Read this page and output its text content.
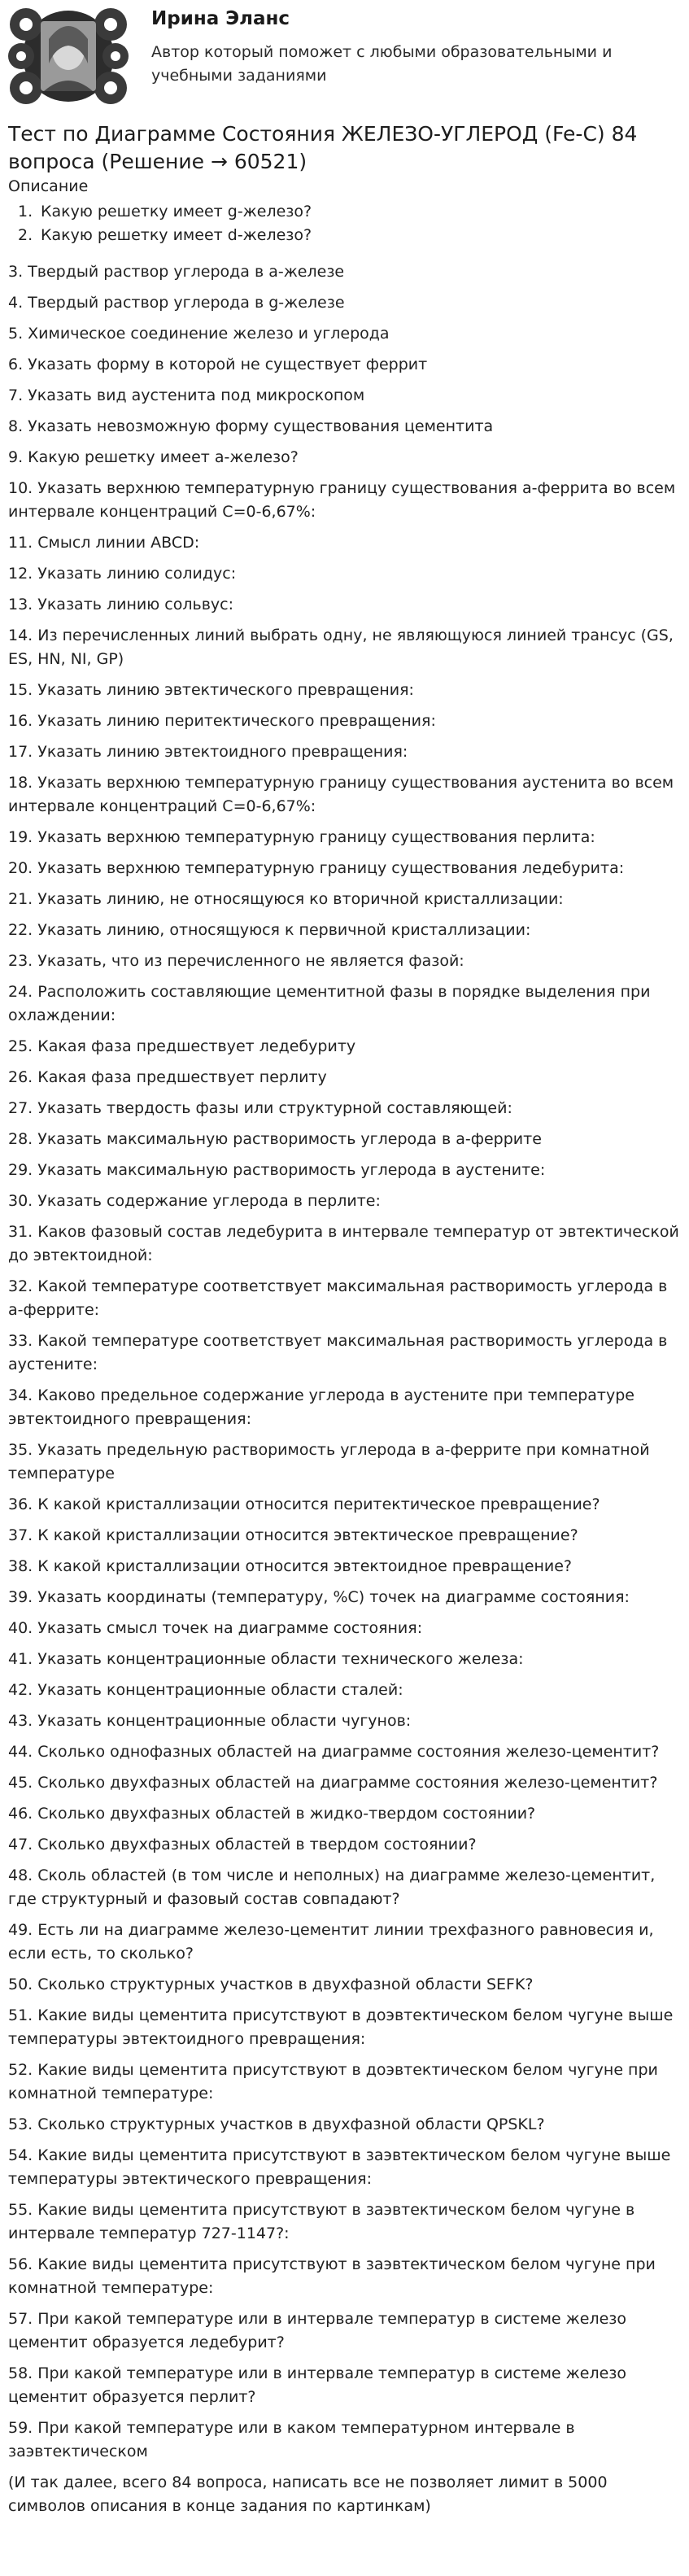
Ирина Эланс
Автор который поможет с любыми образовательными и учебными заданиями
Тест по Диаграмме Состояния ЖЕЛЕЗО-УГЛЕРОД (Fe-C) 84 вопроса (Решение → 60521)
Описание
1. Какую решетку имеет g-железо?
2. Какую решетку имеет d-железо?

3. Твердый раствор углерода в a-железе

4. Твердый раствор углерода в g-железе

5. Химическое соединение железо и углерода

6. Указать форму в которой не существует феррит

7. Указать вид аустенита под микроскопом

8. Указать невозможную форму существования цементита

9. Какую решетку имеет a-железо?

10. Указать верхнюю температурную границу существования a-феррита во всем интервале концентраций С=0-6,67%:

11. Смысл линии ABCD:

12. Указать линию солидус:

13. Указать линию сольвус:

14. Из перечисленных линий выбрать одну, не являющуюся линией трансус (GS, ES, HN, NI, GP)

15. Указать линию эвтектического превращения:

16. Указать линию перитектического превращения:

17. Указать линию эвтектоидного превращения:

18. Указать верхнюю температурную границу существования аустенита во всем интервале концентраций С=0-6,67%:

19. Указать верхнюю температурную границу существования перлита:

20. Указать верхнюю температурную границу существования ледебурита:

21. Указать линию, не относящуюся ко вторичной кристаллизации:

22. Указать линию, относящуюся к первичной кристаллизации:

23. Указать, что из перечисленного не является фазой:

24. Расположить составляющие цементитной фазы в порядке выделения при охлаждении:

25. Какая фаза предшествует ледебуриту

26. Какая фаза предшествует перлиту

27. Указать твердость фазы или структурной составляющей:

28. Указать максимальную растворимость углерода в a-феррите

29. Указать максимальную растворимость углерода в аустените:

30. Указать содержание углерода в перлите:

31. Каков фазовый состав ледебурита в интервале температур от эвтектической до эвтектоидной:

32. Какой температуре соответствует максимальная растворимость углерода в a-феррите:

33. Какой температуре соответствует максимальная растворимость углерода в аустените:

34. Каково предельное содержание углерода в аустените при температуре эвтектоидного превращения:

35. Указать предельную растворимость углерода в a-феррите при комнатной температуре

36. К какой кристаллизации относится перитектическое превращение?

37. К какой кристаллизации относится эвтектическое превращение?

38. К какой кристаллизации относится эвтектоидное превращение?

39. Указать координаты (температуру, %С) точек на диаграмме состояния:

40. Указать смысл точек на диаграмме состояния:

41. Указать концентрационные области технического железа:

42. Указать концентрационные области сталей:

43. Указать концентрационные области чугунов:

44. Сколько однофазных областей на диаграмме состояния железо-цементит?

45. Сколько двухфазных областей на диаграмме состояния железо-цементит?

46. Сколько двухфазных областей в жидко-твердом состоянии?

47. Сколько двухфазных областей в твердом состоянии?

48. Сколь областей (в том числе и неполных) на диаграмме железо-цементит, где структурный и фазовый состав совпадают?

49. Есть ли на диаграмме железо-цементит линии трехфазного равновесия и, если есть, то сколько?

50. Сколько структурных участков в двухфазной области SEFK?

51. Какие виды цементита присутствуют в доэвтектическом белом чугуне выше температуры эвтектоидного превращения:

52. Какие виды цементита присутствуют в доэвтектическом белом чугуне при комнатной температуре:

53. Сколько структурных участков в двухфазной области QPSKL?

54. Какие виды цементита присутствуют в заэвтектическом белом чугуне выше температуры эвтектического превращения:

55. Какие виды цементита присутствуют в заэвтектическом белом чугуне в интервале температур 727-1147?:

56. Какие виды цементита присутствуют в заэвтектическом белом чугуне при комнатной температуре:

57. При какой температуре или в интервале температур в системе железо цементит образуется ледебурит?

58. При какой температуре или в интервале температур в системе железо цементит образуется перлит?

59. При какой температуре или в каком температурном интервале в заэвтектическом

(И так далее, всего 84 вопроса, написать все не позволяет лимит в 5000 символов описания в конце задания по картинкам)
